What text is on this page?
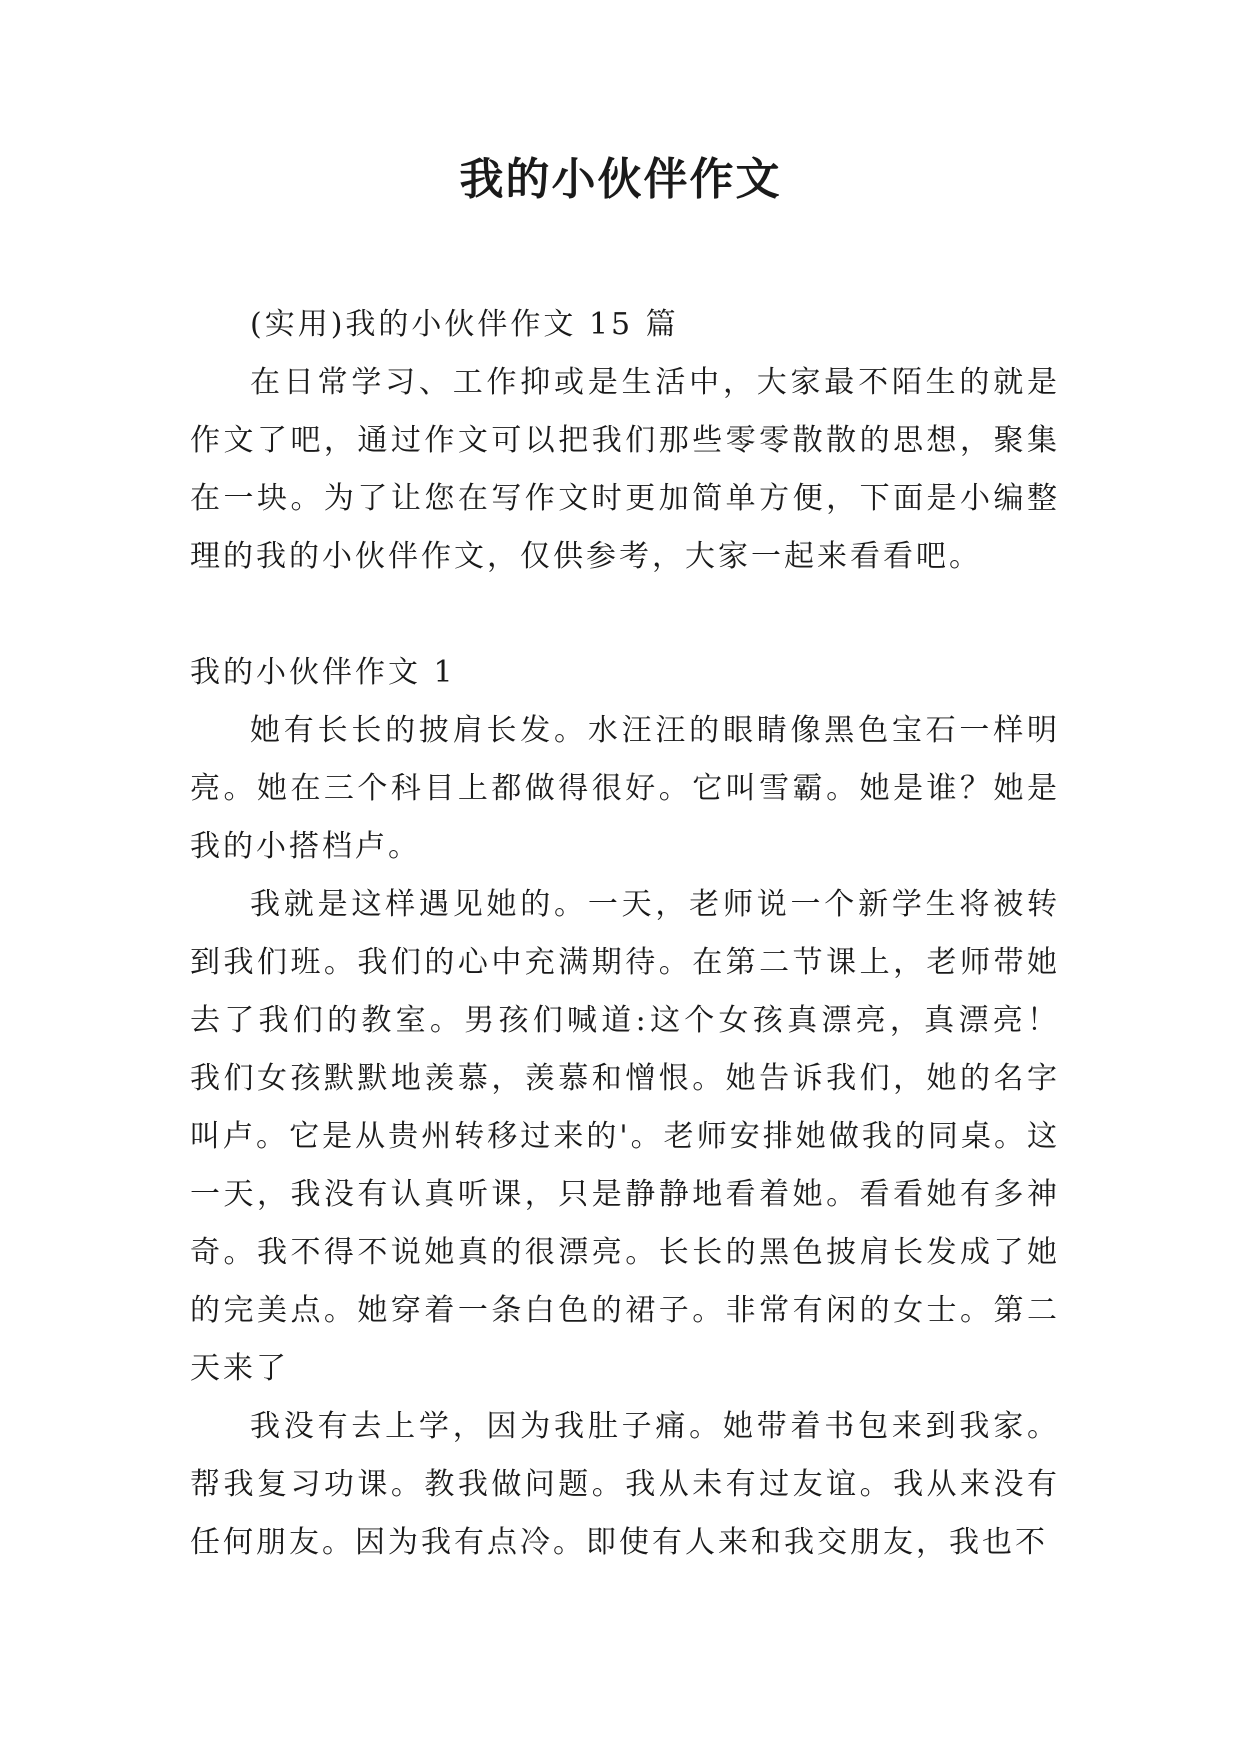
我的小伙伴作文

(实用)我的小伙伴作文 15 篇

在日常学习、工作抑或是生活中，大家最不陌生的就是作文了吧，通过作文可以把我们那些零零散散的思想，聚集在一块。为了让您在写作文时更加简单方便，下面是小编整理的我的小伙伴作文，仅供参考，大家一起来看看吧。

我的小伙伴作文 1

她有长长的披肩长发。水汪汪的眼睛像黑色宝石一样明亮。她在三个科目上都做得很好。它叫雪霸。她是谁？她是我的小搭档卢。

我就是这样遇见她的。一天，老师说一个新学生将被转到我们班。我们的心中充满期待。在第二节课上，老师带她去了我们的教室。男孩们喊道:这个女孩真漂亮，真漂亮！我们女孩默默地羡慕，羡慕和憎恨。她告诉我们，她的名字叫卢。它是从贵州转移过来的'。老师安排她做我的同桌。这一天，我没有认真听课，只是静静地看着她。看看她有多神奇。我不得不说她真的很漂亮。长长的黑色披肩长发成了她的完美点。她穿着一条白色的裙子。非常有闲的女士。第二天来了

我没有去上学，因为我肚子痛。她带着书包来到我家。帮我复习功课。教我做问题。我从未有过友谊。我从来没有任何朋友。因为我有点冷。即使有人来和我交朋友，我也不
